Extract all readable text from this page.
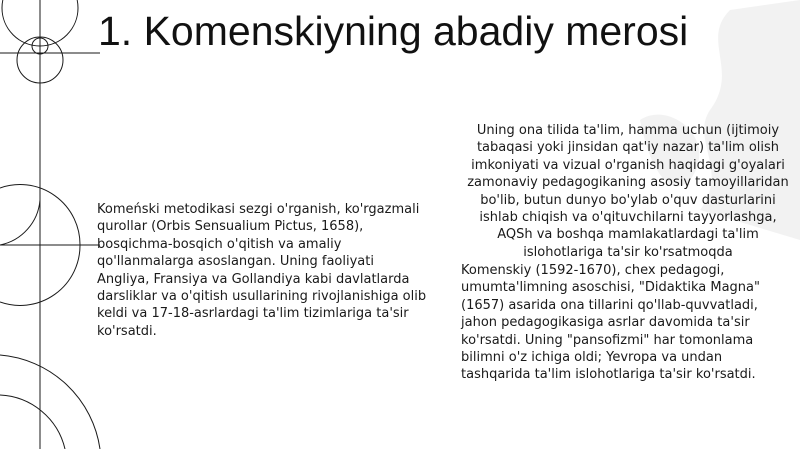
1. Komenskiyning abadiy merosi

Komeński metodikasi sezgi o'rganish, ko'rgazmali qurollar (Orbis Sensualium Pictus, 1658), bosqichma-bosqich o'qitish va amaliy qo'llanmalarga asoslangan. Uning faoliyati Angliya, Fransiya va Gollandiya kabi davlatlarda darsliklar va o'qitish usullarining rivojlanishiga olib keldi va 17-18-asrlardagi ta'lim tizimlariga ta'sir ko'rsatdi.

Uning ona tilida ta'lim, hamma uchun (ijtimoiy tabaqasi yoki jinsidan qat'iy nazar) ta'lim olish imkoniyati va vizual o'rganish haqidagi g'oyalari zamonaviy pedagogikaning asosiy tamoyillaridan bo'lib, butun dunyo bo'ylab o'quv dasturlarini ishlab chiqish va o'qituvchilarni tayyorlashga, AQSh va boshqa mamlakatlardagi ta'lim islohotlariga ta'sir ko'rsatmoqda

Komenskiy (1592-1670), chex pedagogi, umumta'limning asoschisi, "Didaktika Magna" (1657) asarida ona tillarini qo'llab-quvvatladi, jahon pedagogikasiga asrlar davomida ta'sir ko'rsatdi. Uning "pansofizmi" har tomonlama bilimni o'z ichiga oldi; Yevropa va undan tashqarida ta'lim islohotlariga ta'sir ko'rsatdi.
